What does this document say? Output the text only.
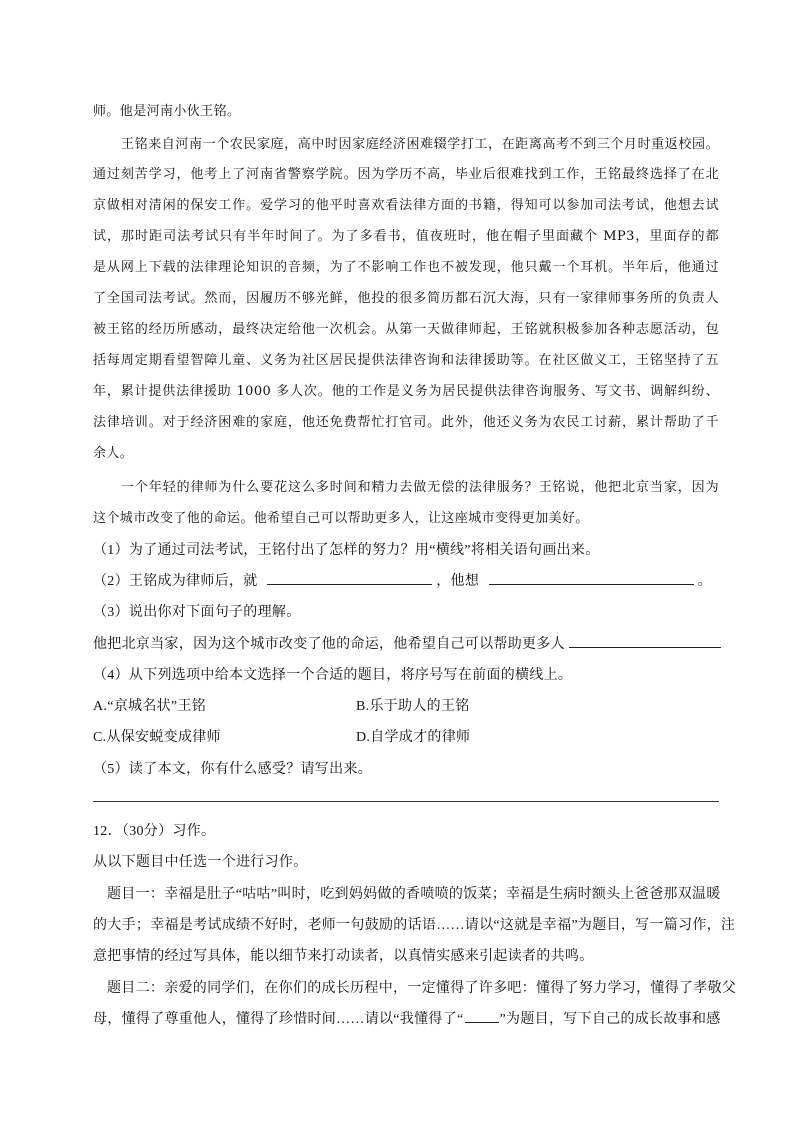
师。他是河南小伙王铭。
王铭来自河南一个农民家庭，高中时因家庭经济困难辍学打工，在距离高考不到三个月时重返校园。
通过刻苦学习，他考上了河南省警察学院。因为学历不高，毕业后很难找到工作，王铭最终选择了在北
京做相对清闲的保安工作。爱学习的他平时喜欢看法律方面的书籍，得知可以参加司法考试，他想去试
试，那时距司法考试只有半年时间了。为了多看书，值夜班时，他在帽子里面藏个 MP3，里面存的都
是从网上下载的法律理论知识的音频，为了不影响工作也不被发现，他只戴一个耳机。半年后，他通过
了全国司法考试。然而，因履历不够光鲜，他投的很多简历都石沉大海，只有一家律师事务所的负责人
被王铭的经历所感动，最终决定给他一次机会。从第一天做律师起，王铭就积极参加各种志愿活动，包
括每周定期看望智障儿童、义务为社区居民提供法律咨询和法律援助等。在社区做义工，王铭坚持了五
年，累计提供法律援助 1000 多人次。他的工作是义务为居民提供法律咨询服务、写文书、调解纠纷、
法律培训。对于经济困难的家庭，他还免费帮忙打官司。此外，他还义务为农民工讨薪，累计帮助了千
余人。
一个年轻的律师为什么要花这么多时间和精力去做无偿的法律服务？王铭说，他把北京当家，因为
这个城市改变了他的命运。他希望自己可以帮助更多人，让这座城市变得更加美好。
（1）为了通过司法考试，王铭付出了怎样的努力？用“横线”将相关语句画出来。
（2）王铭成为律师后，就	，他想	。
（3）说出你对下面句子的理解。
他把北京当家，因为这个城市改变了他的命运，他希望自己可以帮助更多人
（4）从下列选项中给本文选择一个合适的题目，将序号写在前面的横线上。
A.“京城名状”王铭	B.乐于助人的王铭
C.从保安蜕变成律师	D.自学成才的律师
（5）读了本文，你有什么感受？请写出来。
12．（30分）习作。
从以下题目中任选一个进行习作。
题目一：幸福是肚子“咕咕”叫时，吃到妈妈做的香喷喷的饭菜；幸福是生病时额头上爸爸那双温暖
的大手；幸福是考试成绩不好时，老师一句鼓励的话语……请以“这就是幸福”为题目，写一篇习作，注
意把事情的经过写具体，能以细节来打动读者，以真情实感来引起读者的共鸣。
题目二：亲爱的同学们，在你们的成长历程中，一定懂得了许多吧：懂得了努力学习，懂得了孝敬父
母，懂得了尊重他人，懂得了珍惜时间……请以“我懂得了“	”为题目，写下自己的成长故事和感
